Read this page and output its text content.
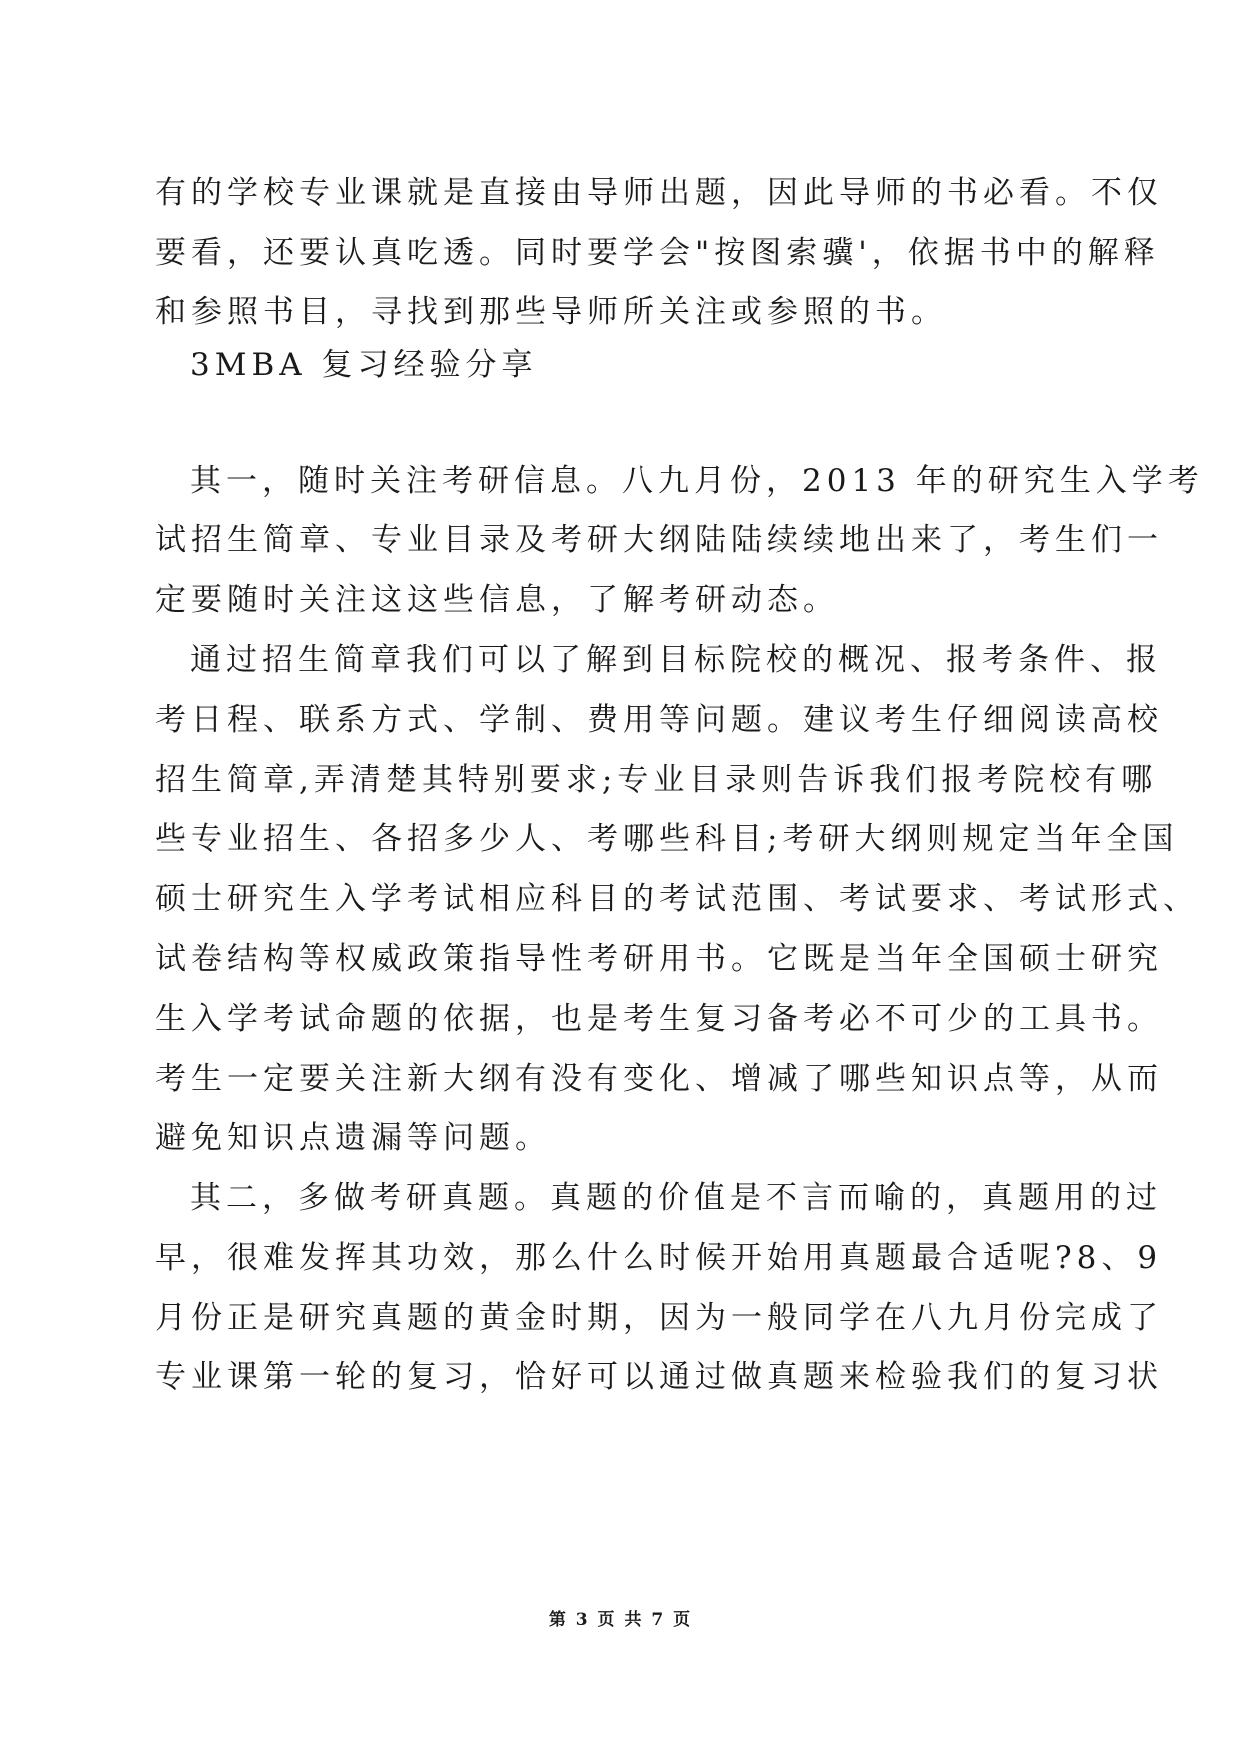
有的学校专业课就是直接由导师出题，因此导师的书必看。不仅
要看，还要认真吃透。同时要学会"按图索骥'，依据书中的解释
和参照书目，寻找到那些导师所关注或参照的书。
3MBA 复习经验分享
其一，随时关注考研信息。八九月份，2013 年的研究生入学考
试招生简章、专业目录及考研大纲陆陆续续地出来了，考生们一
定要随时关注这这些信息，了解考研动态。
通过招生简章我们可以了解到目标院校的概况、报考条件、报
考日程、联系方式、学制、费用等问题。建议考生仔细阅读高校
招生简章,弄清楚其特别要求;专业目录则告诉我们报考院校有哪
些专业招生、各招多少人、考哪些科目;考研大纲则规定当年全国
硕士研究生入学考试相应科目的考试范围、考试要求、考试形式、
试卷结构等权威政策指导性考研用书。它既是当年全国硕士研究
生入学考试命题的依据，也是考生复习备考必不可少的工具书。
考生一定要关注新大纲有没有变化、增减了哪些知识点等，从而
避免知识点遗漏等问题。
其二，多做考研真题。真题的价值是不言而喻的，真题用的过
早，很难发挥其功效，那么什么时候开始用真题最合适呢?8、9
月份正是研究真题的黄金时期，因为一般同学在八九月份完成了
专业课第一轮的复习，恰好可以通过做真题来检验我们的复习状
第 3 页 共 7 页
